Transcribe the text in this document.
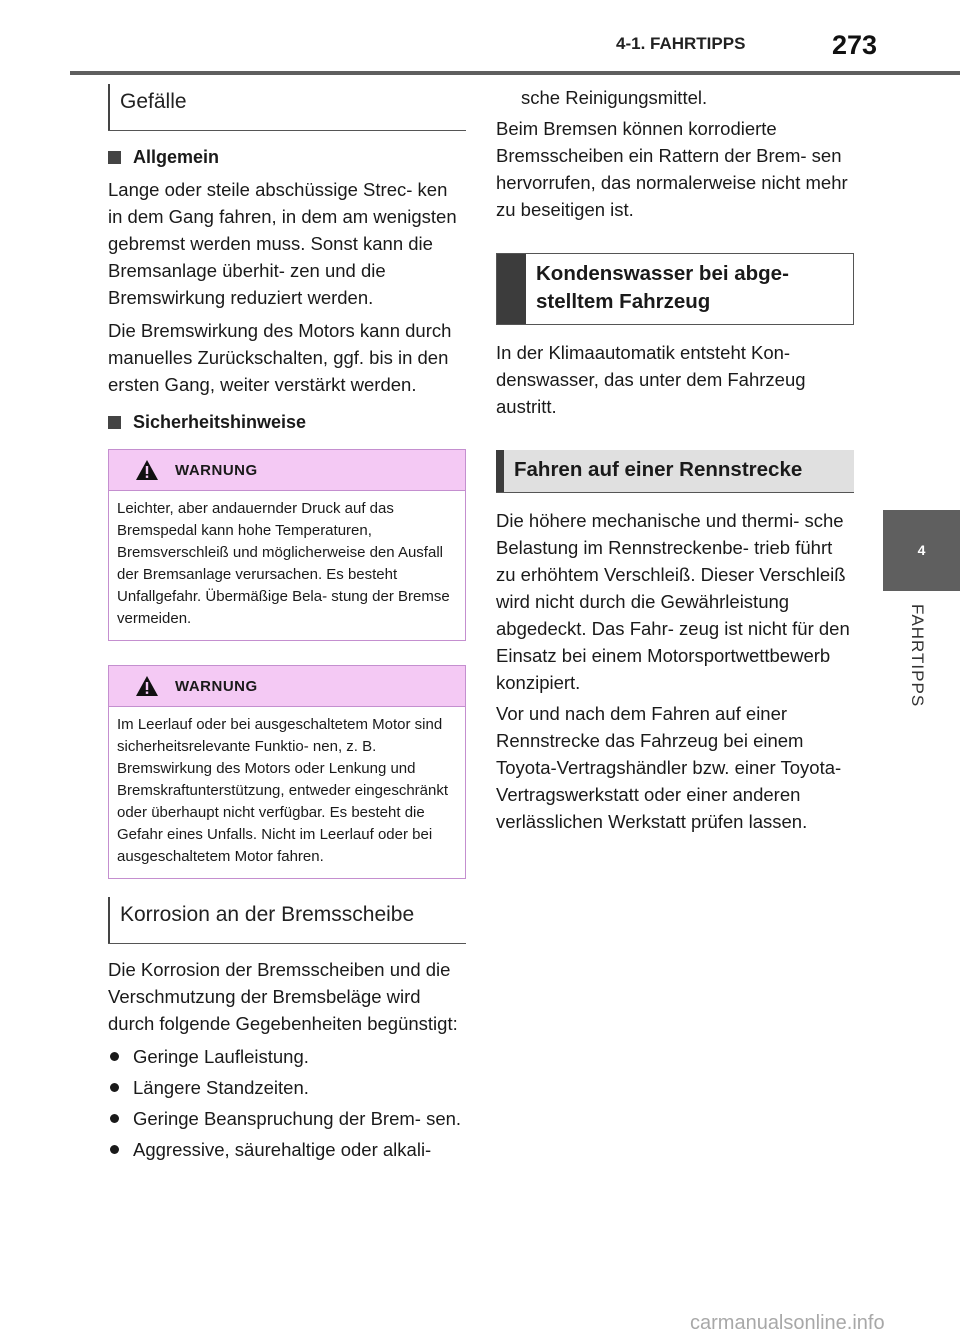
4-1. FAHRTIPPS	273
4
FAHRTIPPS
Gefälle
Allgemein

Lange oder steile abschüssige Strec- ken in dem Gang fahren, in dem am wenigsten gebremst werden muss. Sonst kann die Bremsanlage überhit- zen und die Bremswirkung reduziert werden.

Die Bremswirkung des Motors kann durch manuelles Zurückschalten, ggf. bis in den ersten Gang, weiter verstärkt werden.

Sicherheitshinweise
WARNUNG
Leichter, aber andauernder Druck auf das Bremspedal kann hohe Temperaturen, Bremsverschleiß und möglicherweise den Ausfall der Bremsanlage verursachen. Es besteht Unfallgefahr. Übermäßige Bela- stung der Bremse vermeiden.
WARNUNG
Im Leerlauf oder bei ausgeschaltetem Motor sind sicherheitsrelevante Funktio- nen, z. B. Bremswirkung des Motors oder Lenkung und Bremskraftunterstützung, entweder eingeschränkt oder überhaupt nicht verfügbar. Es besteht die Gefahr eines Unfalls. Nicht im Leerlauf oder bei ausgeschaltetem Motor fahren.
Korrosion an der Bremsscheibe

Die Korrosion der Bremsscheiben und die Verschmutzung der Bremsbeläge wird durch folgende Gegebenheiten begünstigt:

Geringe Laufleistung.
Längere Standzeiten.
Geringe Beanspruchung der Brem- sen.
Aggressive, säurehaltige oder alkali-

sche Reinigungsmittel.

Beim Bremsen können korrodierte Bremsscheiben ein Rattern der Brem- sen hervorrufen, das normalerweise nicht mehr zu beseitigen ist.

Kondenswasser bei abge- stelltem Fahrzeug

In der Klimaautomatik entsteht Kon- denswasser, das unter dem Fahrzeug austritt.

Fahren auf einer Rennstrecke

Die höhere mechanische und thermi- sche Belastung im Rennstreckenbe- trieb führt zu erhöhtem Verschleiß. Dieser Verschleiß wird nicht durch die Gewährleistung abgedeckt. Das Fahr- zeug ist nicht für den Einsatz bei einem Motorsportwettbewerb konzipiert.

Vor und nach dem Fahren auf einer Rennstrecke das Fahrzeug bei einem Toyota-Vertragshändler bzw. einer Toyota-Vertragswerkstatt oder einer anderen verlässlichen Werkstatt prüfen lassen.

carmanualsonline.info
